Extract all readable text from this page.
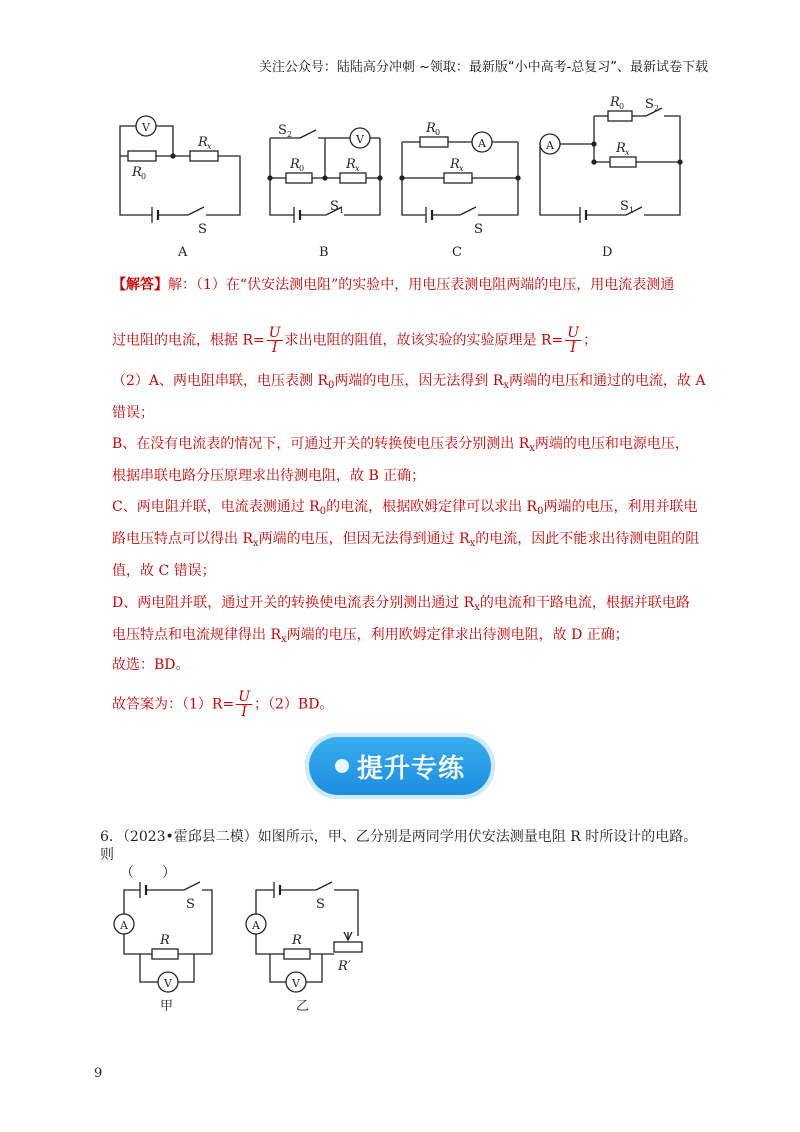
关注公众号：陆陆高分冲刺 ~领取：最新版“小中高考-总复习”、最新试卷下载
V
R x
R 0
S
A
S 2	V
R 0	R x
S 1
B
R 0
A
R x
S
C
A
R 0 S 2
R x
S 1
D
【解答】解：（1）在“伏安法测电阻”的实验中，用电压表测电阻两端的电压，用电流表测通
过电阻的电流，根据 $R= \frac{U}{I}$ 求出电阻的阻值，故该实验的实验原理是 $R= \frac{U}{I}$ ；
（2）A、两电阻串联，电压表测 $R_0$两端的电压，因无法得到 $R_x$两端的电压和通过的电流，故 A
错误；
B、在没有电流表的情况下，可通过开关的转换使电压表分别测出 $R_x$两端的电压和电源电压，
根据串联电路分压原理求出待测电阻，故 B 正确；
C、两电阻并联，电流表测通过 $R_0$的电流，根据欧姆定律可以求出 $R_0$两端的电压，利用并联电
路电压特点可以得出 $R_x$两端的电压，但因无法得到通过 $R_x$的电流，因此不能求出待测电阻的阻
值，故 C 错误；
D、两电阻并联，通过开关的转换使电流表分别测出通过 $R_x$的电流和干路电流，根据并联电路
电压特点和电流规律得出 $R_x$两端的电压，利用欧姆定律求出待测电阻，故 D 正确；
故选：BD。
故答案为：$(1)R= \frac{U}{I}$ ；（2）BD。
提升专练
6．（2023•霍邱县二模）如图所示，甲、乙分别是两同学用伏安法测量电阻 R 时所设计的电路。则
（　　）
A
R
V
S
甲
A
R
V
S
R′
乙
9
